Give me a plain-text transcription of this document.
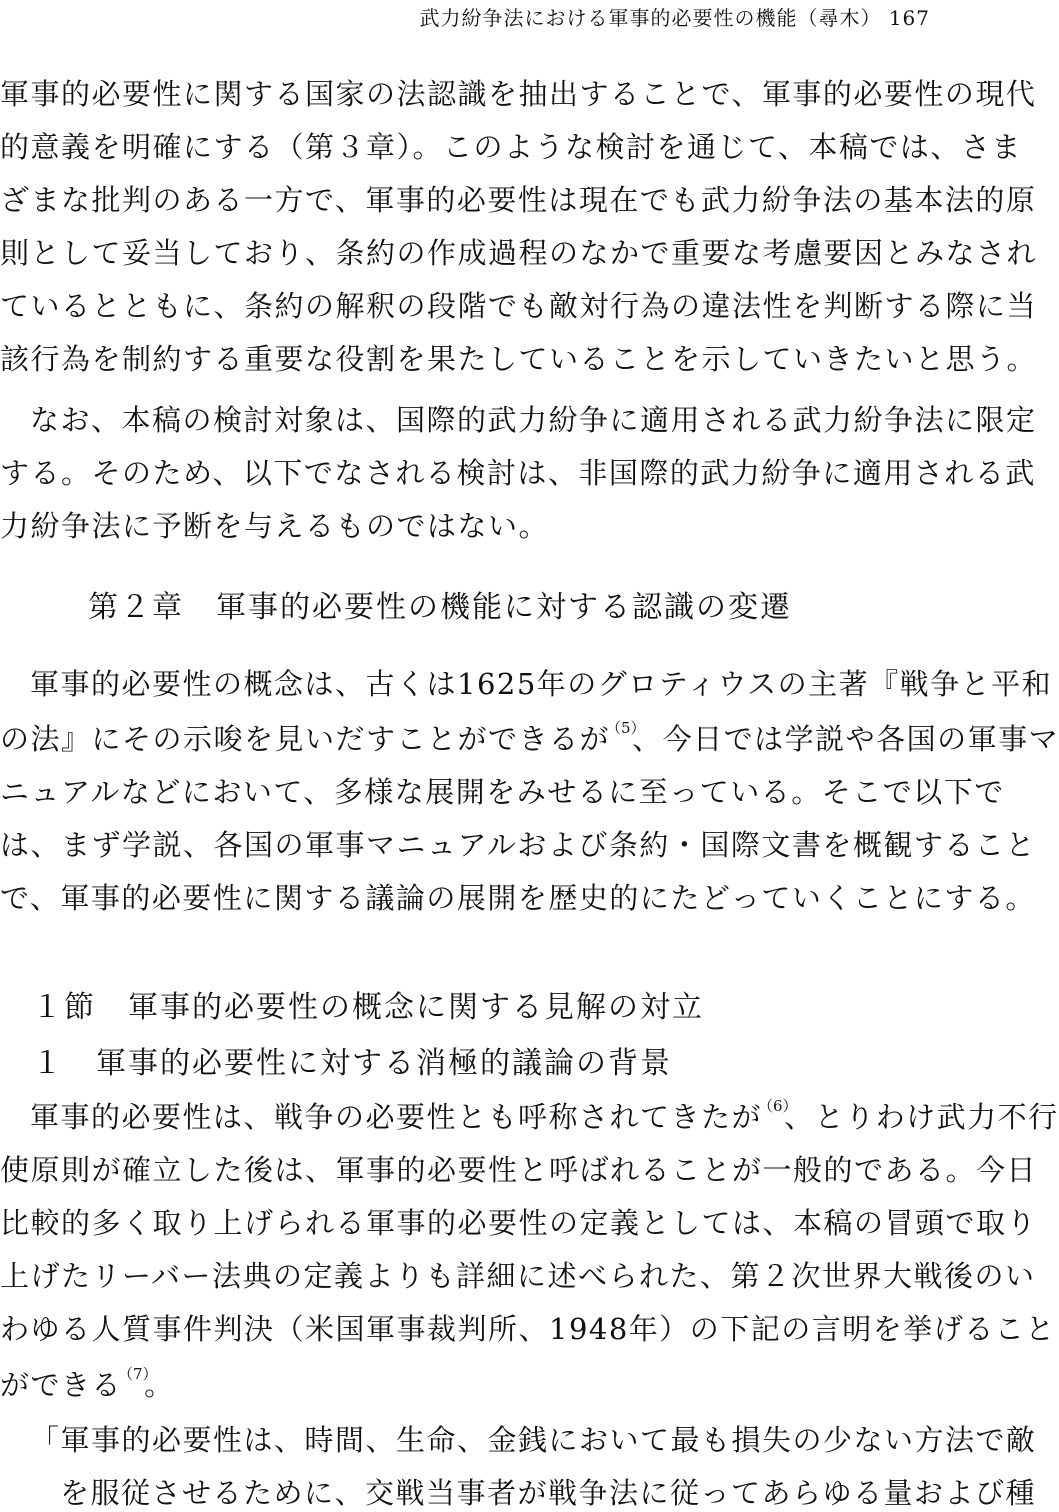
武力紛争法における軍事的必要性の機能（尋木） 167
軍事的必要性に関する国家の法認識を抽出することで、軍事的必要性の現代
的意義を明確にする（第３章）。このような検討を通じて、本稿では、さま
ざまな批判のある一方で、軍事的必要性は現在でも武力紛争法の基本法的原
則として妥当しており、条約の作成過程のなかで重要な考慮要因とみなされ
ているとともに、条約の解釈の段階でも敵対行為の違法性を判断する際に当
該行為を制約する重要な役割を果たしていることを示していきたいと思う。
なお、本稿の検討対象は、国際的武力紛争に適用される武力紛争法に限定
する。そのため、以下でなされる検討は、非国際的武力紛争に適用される武
力紛争法に予断を与えるものではない。
第２章　軍事的必要性の機能に対する認識の変遷
軍事的必要性の概念は、古くは1625年のグロティウスの主著『戦争と平和
の法』にその示唆を見いだすことができるが$^{(5)}$、今日では学説や各国の軍事マ
ニュアルなどにおいて、多様な展開をみせるに至っている。そこで以下で
は、まず学説、各国の軍事マニュアルおよび条約・国際文書を概観すること
で、軍事的必要性に関する議論の展開を歴史的にたどっていくことにする。
１節　軍事的必要性の概念に関する見解の対立
１　軍事的必要性に対する消極的議論の背景
軍事的必要性は、戦争の必要性とも呼称されてきたが$^{(6)}$、とりわけ武力不行
使原則が確立した後は、軍事的必要性と呼ばれることが一般的である。今日
比較的多く取り上げられる軍事的必要性の定義としては、本稿の冒頭で取り
上げたリーバー法典の定義よりも詳細に述べられた、第２次世界大戦後のい
わゆる人質事件判決（米国軍事裁判所、1948年）の下記の言明を挙げること
ができる$^{(7)}$。
「軍事的必要性は、時間、生命、金銭において最も損失の少ない方法で敵
を服従させるために、交戦当事者が戦争法に従ってあらゆる量および種
